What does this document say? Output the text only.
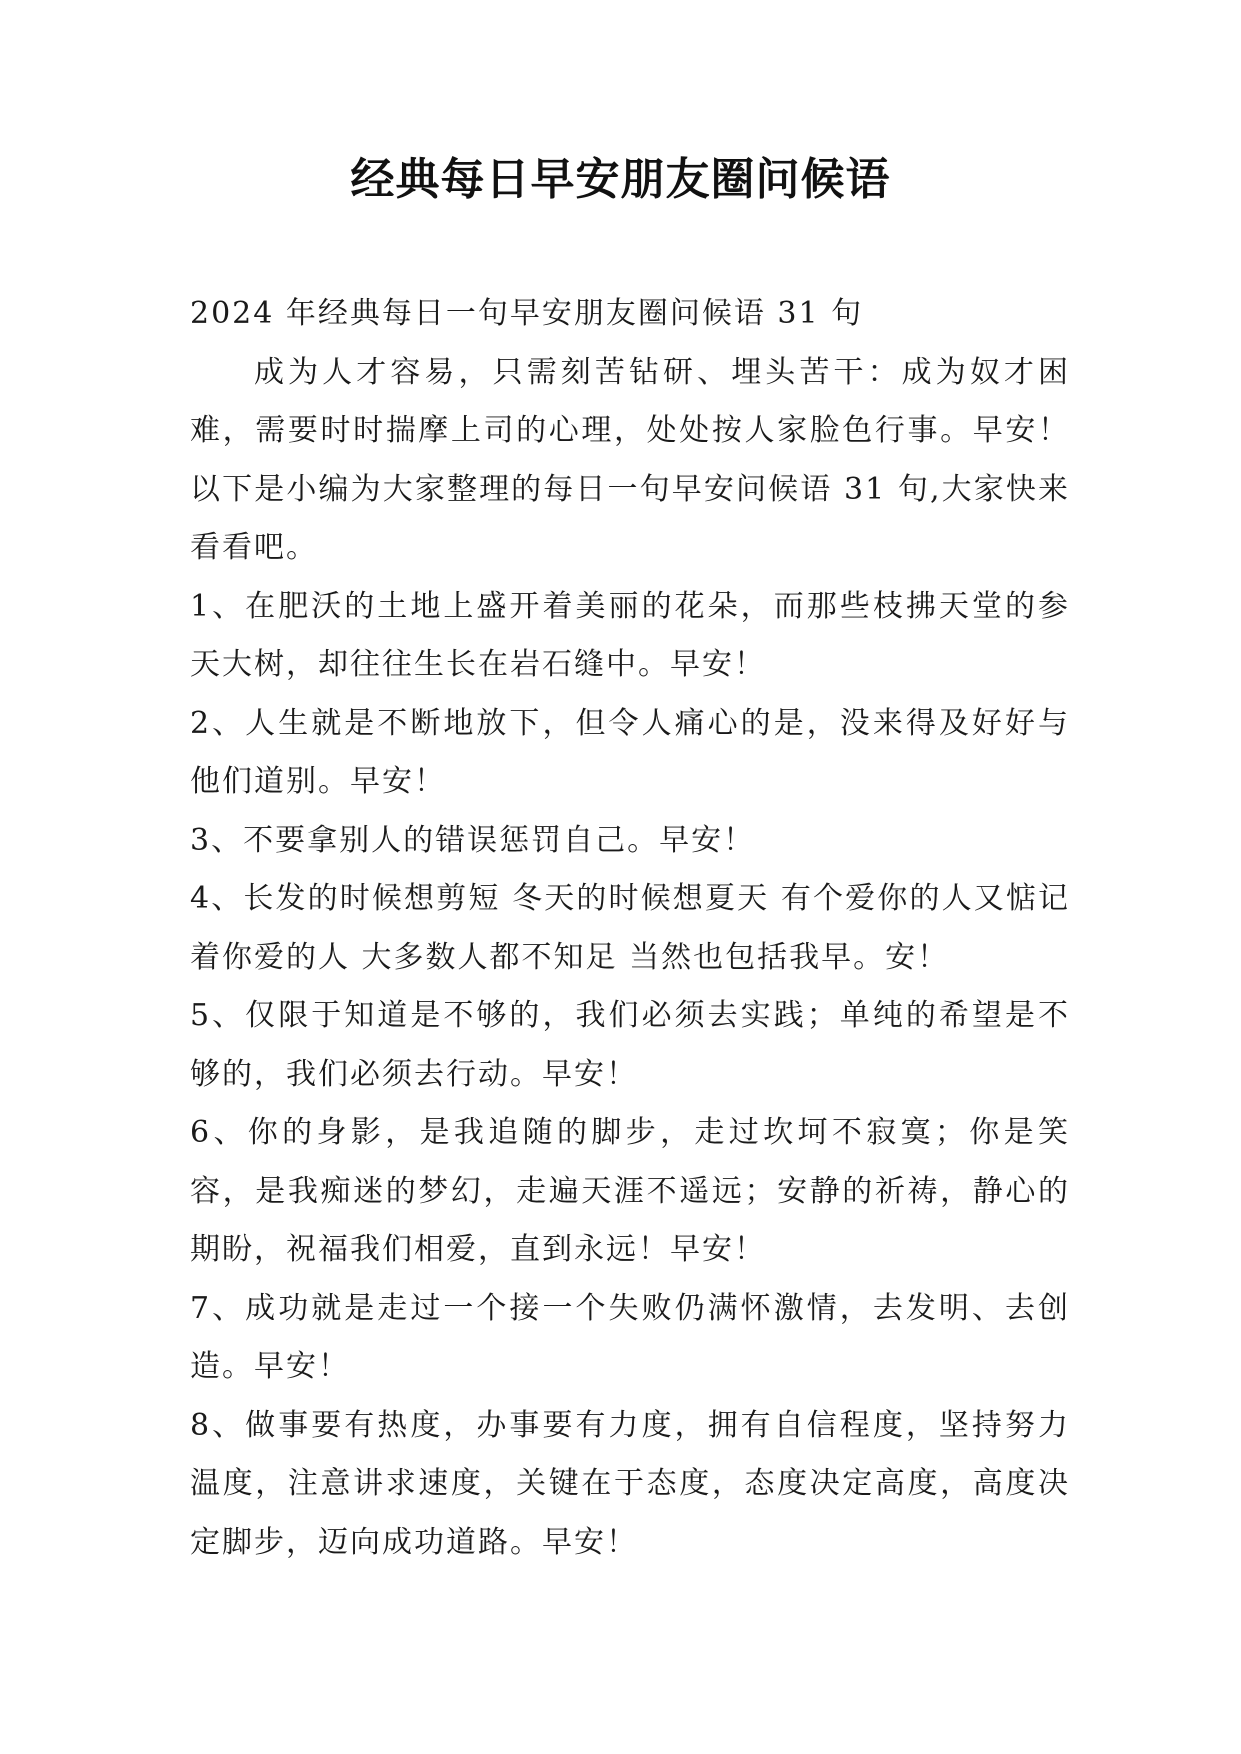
经典每日早安朋友圈问候语

2024 年经典每日一句早安朋友圈问候语 31 句

成为人才容易，只需刻苦钻研、埋头苦干：成为奴才困难，需要时时揣摩上司的心理，处处按人家脸色行事。早安！以下是小编为大家整理的每日一句早安问候语 31 句,大家快来看看吧。

1、在肥沃的土地上盛开着美丽的花朵，而那些枝拂天堂的参天大树，却往往生长在岩石缝中。早安！

2、人生就是不断地放下，但令人痛心的是，没来得及好好与他们道别。早安！

3、不要拿别人的错误惩罚自己。早安！

4、长发的时候想剪短 冬天的时候想夏天 有个爱你的人又惦记着你爱的人 大多数人都不知足 当然也包括我早。安！

5、仅限于知道是不够的，我们必须去实践；单纯的希望是不够的，我们必须去行动。早安！

6、你的身影，是我追随的脚步，走过坎坷不寂寞；你是笑容，是我痴迷的梦幻，走遍天涯不遥远；安静的祈祷，静心的期盼，祝福我们相爱，直到永远！早安！

7、成功就是走过一个接一个失败仍满怀激情，去发明、去创造。早安！

8、做事要有热度，办事要有力度，拥有自信程度，坚持努力温度，注意讲求速度，关键在于态度，态度决定高度，高度决定脚步，迈向成功道路。早安！
